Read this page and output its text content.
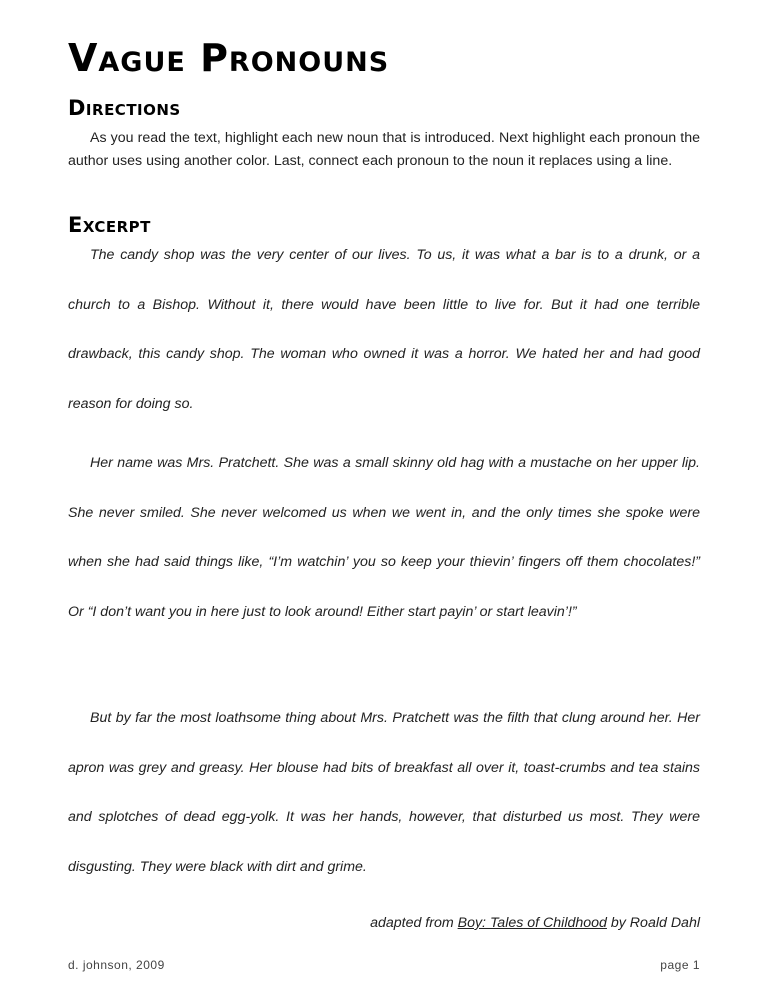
Vague Pronouns
Directions

As you read the text, highlight each new noun that is introduced. Next highlight each pronoun the author uses using another color. Last, connect each pronoun to the noun it replaces using a line.

Excerpt

The candy shop was the very center of our lives. To us, it was what a bar is to a drunk, or a church to a Bishop. Without it, there would have been little to live for. But it had one terrible drawback, this candy shop. The woman who owned it was a horror. We hated her and had good reason for doing so.

Her name was Mrs. Pratchett. She was a small skinny old hag with a mustache on her upper lip. She never smiled. She never welcomed us when we went in, and the only times she spoke were when she had said things like, “I’m watchin’ you so keep your thievin’ fingers off them chocolates!” Or “I don’t want you in here just to look around! Either start payin’ or start leavin’!”

But by far the most loathsome thing about Mrs. Pratchett was the filth that clung around her. Her apron was grey and greasy. Her blouse had bits of breakfast all over it, toast-crumbs and tea stains and splotches of dead egg-yolk. It was her hands, however, that disturbed us most. They were disgusting. They were black with dirt and grime.

adapted from Boy: Tales of Childhood by Roald Dahl

d. johnson, 2009	page 1
